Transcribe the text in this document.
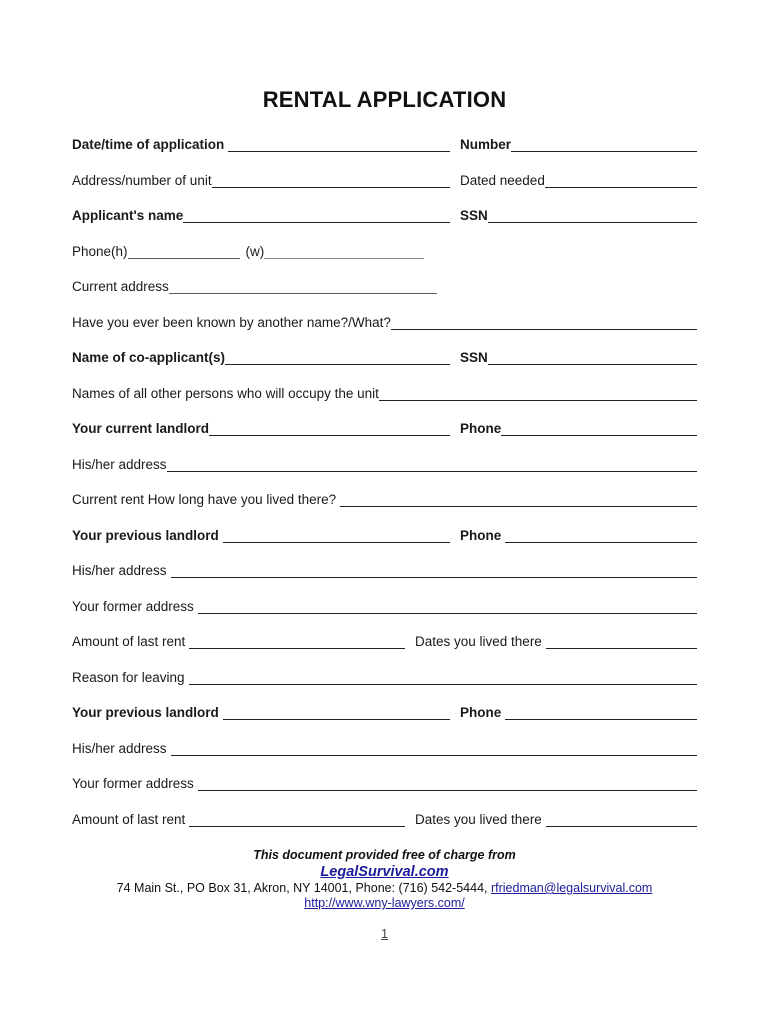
RENTAL APPLICATION
Date/time of application	Number
Address/number of unit	Dated needed
Applicant's name	SSN
Phone(h)	(w)
Current address
Have you ever been known by another name?/What?
Name of co-applicant(s)	SSN
Names of all other persons who will occupy the unit
Your current landlord	Phone
His/her address
Current rent How long have you lived there?
Your previous landlord	Phone
His/her address
Your former address
Amount of last rent	Dates you lived there
Reason for leaving
Your previous landlord	Phone
His/her address
Your former address
Amount of last rent	Dates you lived there
This document provided free of charge from
LegalSurvival.com
74 Main St., PO Box 31, Akron, NY 14001, Phone: (716) 542-5444, rfriedman@legalsurvival.com
http://www.wny-lawyers.com/
1
